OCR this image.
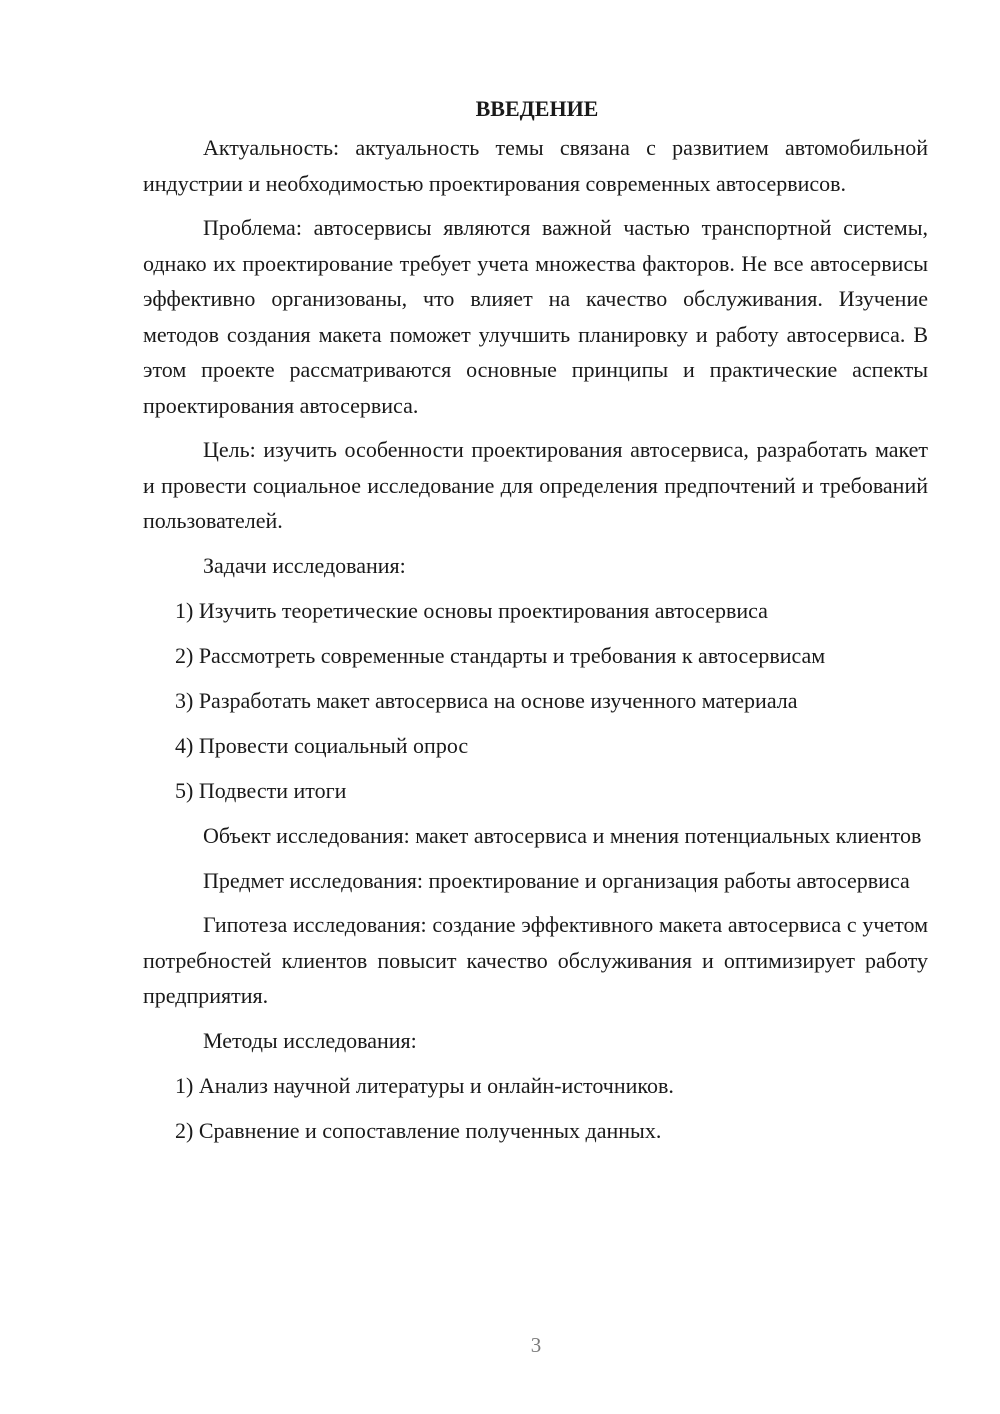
ВВЕДЕНИЕ

Актуальность: актуальность темы связана с развитием автомобильной индустрии и необходимостью проектирования современных автосервисов.

Проблема: автосервисы являются важной частью транспортной системы, однако их проектирование требует учета множества факторов. Не все автосервисы эффективно организованы, что влияет на качество обслуживания. Изучение методов создания макета поможет улучшить планировку и работу автосервиса. В этом проекте рассматриваются основные принципы и практические аспекты проектирования автосервиса.

Цель: изучить особенности проектирования автосервиса, разработать макет и провести социальное исследование для определения предпочтений и требований пользователей.

Задачи исследования:

1) Изучить теоретические основы проектирования автосервиса
2) Рассмотреть современные стандарты и требования к автосервисам
3) Разработать макет автосервиса на основе изученного материала
4) Провести социальный опрос
5) Подвести итоги

Объект исследования: макет автосервиса и мнения потенциальных клиентов

Предмет исследования: проектирование и организация работы автосервиса

Гипотеза исследования: создание эффективного макета автосервиса с учетом потребностей клиентов повысит качество обслуживания и оптимизирует работу предприятия.

Методы исследования:

1) Анализ научной литературы и онлайн-источников.
2) Сравнение и сопоставление полученных данных.
3
